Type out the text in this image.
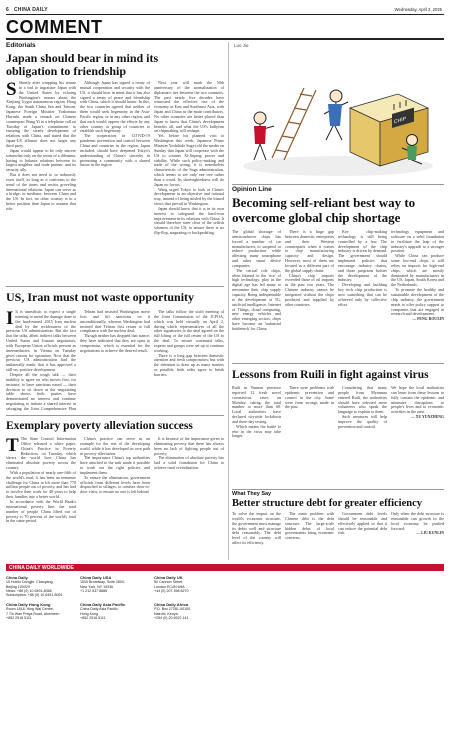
6 CHINA DAILY	Wednesday, April 2, 2025
COMMENT
Editorials
Japan should bear in mind its obligation to friendship

S Shortly after wrapping his tenure in a bid to ingratiate Japan with the United States by echoing Washington's smears about the Xinjiang Uygur autonomous region, Hong Kong, the South China Sea and Taiwan, Japanese Foreign Minister Yoshimasa Hayashi made a remark on Chinese counterpart Wang Yi in a telephone call on Tuesday of Japan's commitment to ensuring the steady development of relations with China, and stated that the Japan-US alliance does not target any third party.

Japan would appear to be only sincere somewhat only on the terms of a dilemma, having to balance relations between its largest neighbor and trade partner, and its security ally.

But it does not need to so arduously exert itself, as long as it conforms to the trend of the times and resists groveling international relations. Japan can serve as a bridge, or mediator, between China and the US. In fact, no other country is in a better position than Japan to assume that role.

Although Japan has signed a treaty of mutual cooperation and security with the US, it should bear in mind that it has also signed a treaty of peace and friendship with China, which it should honor. In this, the two countries agreed that neither of them would seek hegemony in the Asia-Pacific region, or in any other region, and that each would oppose the efforts by any other country or group of countries to establish such hegemony.

The cooperation in COVID-19 pandemic prevention and control between China and countries in the region, Japan included, should have deepened Tokyo's understanding of China's sincerity in promoting a community with a shared future in the region.

Next year will mark the 50th anniversary of the normalization of diplomatic ties between the two countries. The past nearly five decades have witnessed the effective rise of the economy in East and Southeast Asia, with Japan and China as the main contributors. No other countries are better placed than Japan to know that China's development benefits all, and what the US's bullyism on chipmaking will reshape.

Yet, before his planned visit to Washington this week, Japanese Prime Minister Yoshihide Suga told the media on Sunday that Japan will cooperate with the US to counter Xi-Jinping power and stability. While such policy-making and trade of the wrong, it is nonetheless characteristic of the Suga administration, which seems to see only one tree rather than a wood. Its shortsightedness will do Japan no favors.

Wang urged Tokyo to look at China's development in an objective and rational way, instead of being misled by the biased views that prevail in Washington.

Japan should know that it is in its own interest to safeguard the hard-won improvement in its relations with China. It should therefore steer clear of the selfish schemes of the US, to ensure there is no flip-flop, stagnating or backpedaling.

US, Iran must not waste opportunity

I It is unrealistic to expect a single meeting to mend the damage done to the hard-earned 2015 Iran nuclear deal by the recklessness of the previous US administration. But the fact that the talks, albeit indirect talks between United States and Iranian negotiators, with European Union officials present as intermediaries, in Vienna on Tuesday gives reason for optimism. Now that the previous US administration had the unilaterally made, that it has approved a still-on, positive development.

Despite all the tough talk — their inability to agree on who moves first, for instance, to have sanctions eased — their decision to sit down at the negotiating table shows both parties have demonstrated no interest and continue negotiating to initiate a shared interest in salvaging the Joint Comprehensive Plan

Tehran had insisted Washington move first and lift sanctions on it unconditionally, whereas Washington had insisted that Tehran first return to full compliance with the nuclear deal.

Though neither has dropped that stance, they have indicated that they are open to compromise, which is essential for the negotiations to achieve the desired result.

The talks follow the sixth meeting of the Joint Commission of the JCPOA, which was held virtually on April 2, during which representatives of all the other signatories to the deal agreed on the full lifting of the full return of the US to the deal. To ensure continued talks, experts and groups were set up to continue working.

There is a long gap between domestic attention and fresh compromises; but with the intention to draw up as many matters as possible, both sides agree to break barriers.

Exemplary poverty alleviation success

T The State Council Information Office released a white paper, China's Practice in Poverty Reduction, on Tuesday, which shows the world how China has eliminated absolute poverty across the country.

With a population of nearly one-fifth of the world's total, it has been an immense challenge for China to lift more than 770 million people out of poverty, and has had to involve their work for 40 years to help their families into a better world.

In accordance with the World Bank's international poverty line, the total number of people China lifted out of poverty is 70 percent of the world's total in the same period.

China's practice can serve as an example for the rest of the developing world, while it has developed its own path in poverty alleviation.

The importance China's top authorities have attached to the task made it possible to work out the right policies and implement them.

To ensure the elimination, government officials from different levels have been dispatched to villages, to conduct door-to-door visits, to ensure no one is left behind.

It is because of the importance given to eliminating poverty that there has always been no lack of fighting people out of poverty.

The elimination of absolute poverty has laid a solid foundation for China to achieve rural revitalization.

Luo Jie
CHIP
Opinion Line
Becoming self-reliant best way to overcome global chip shortage

The global shortage of semiconductor chips has forced a number of car manufacturers to suspend or reduce production while affecting many smartphone and other smart device companies.

The critical role chips, often likened to the 'rice' of high technology, play in the digital age has led many to reexamine their chip supply capacity. Being indispensable to the development of 5G, artificial intelligence, Internet of Things, cloud computing, new energy vehicles and other emerging sectors, chips have become an 'industrial bottleneck' for China.

There is a huge gap between domestic enterprises and their Western counterparts when it comes to chip manufacturing capacity and design. However, most of them are located in a different part of the global supply chain.

China's chip imports exceeded those of oil imports in the past two years. The Chinese industry cannot be integrated without the chips produced and supplied by other countries.

Key chip-making technology is still being controlled by a few. The development of the chip industry is driven by demand. The government should implement policies that encourage industry chains, and those programs bolster the development of the industry.

Developing and building key tech chip production is now something that can be achieved only by collective effort.

technology equipment and software on a solid foundation to facilitate the leap of the industry's upgrade to a stronger position.

While China can produce some low-end chips, it still relies on imports for high-end chips, which are mostly dominated by manufacturers in the US, Japan, South Korea and the Netherlands.

To promote the healthy and sustainable development of the chip industry, the government needs to offer policy support to companies that are engaged in research and development.

— PENG ROUXIN

Lessons from Ruili in fight against virus

Ruili in Yunnan province reported 12 fresh novel coronavirus cases on Monday, taking the total number to more than 60. Local authorities have declared citywide lockdown and three-day testing.

Which means the battle to rein in the virus may take longer.

There were problems with epidemic prevention and control in the city. Some were from wrongs made in the past.

Considering that many people from Myanmar entered Ruili, the authorities should have selected more volunteers who speak the language to explain to them.

Such measures will help improve the quality of prevention and control.

We hope the local authorities can learn from these lessons to fully contain the epidemic and minimize disruptions to people's lives and to economic activities in the area.

— XU YUNZHENG

What They Say
Better structure debt for greater efficiency

To solve the impact on the world's economic structure, the government must manage its debts well and structure debt reasonably. The debt level of the country will affect its efficiency.

The main problem with Chinese debt is the debt structure. The large-scale hidden debts of local governments bring economic concerns.

Government debt levels should be reasonable and effectively applied so that it can reduce the potential debt risk.

Only when the debt structure is reasonable can growth in the local economy be pushed forward.

— LIU KUNLIN

CHINA DAILY WORLDWIDE
China Daily
15 Huixin Dongjie, Chaoyang,
Beijing 100029
News: +86 (0) 10 6491-8366
Subscription: +86 (0) 10 6491-8051
China Daily USA
1500 Broadway, Suite 2800,
New York, NY 10036
+1 212 537 8888
China Daily Asia Pacific
China Daily Asia Pacific,
Hong Kong
+852 2518 5111
China Daily UK
90 Cannon Street,
London EC4N 6HA
+44 (0) 207 398 8270
China Daily Africa
P.O. Box 27281-00100,
Nairobi, Kenya
+254 (0) 20 6922 141
China Daily Hong Kong
Room 1818, Hing Wai Centre,
7 Tin Wan Praya Road, Aberdeen
+852 2518 5111
